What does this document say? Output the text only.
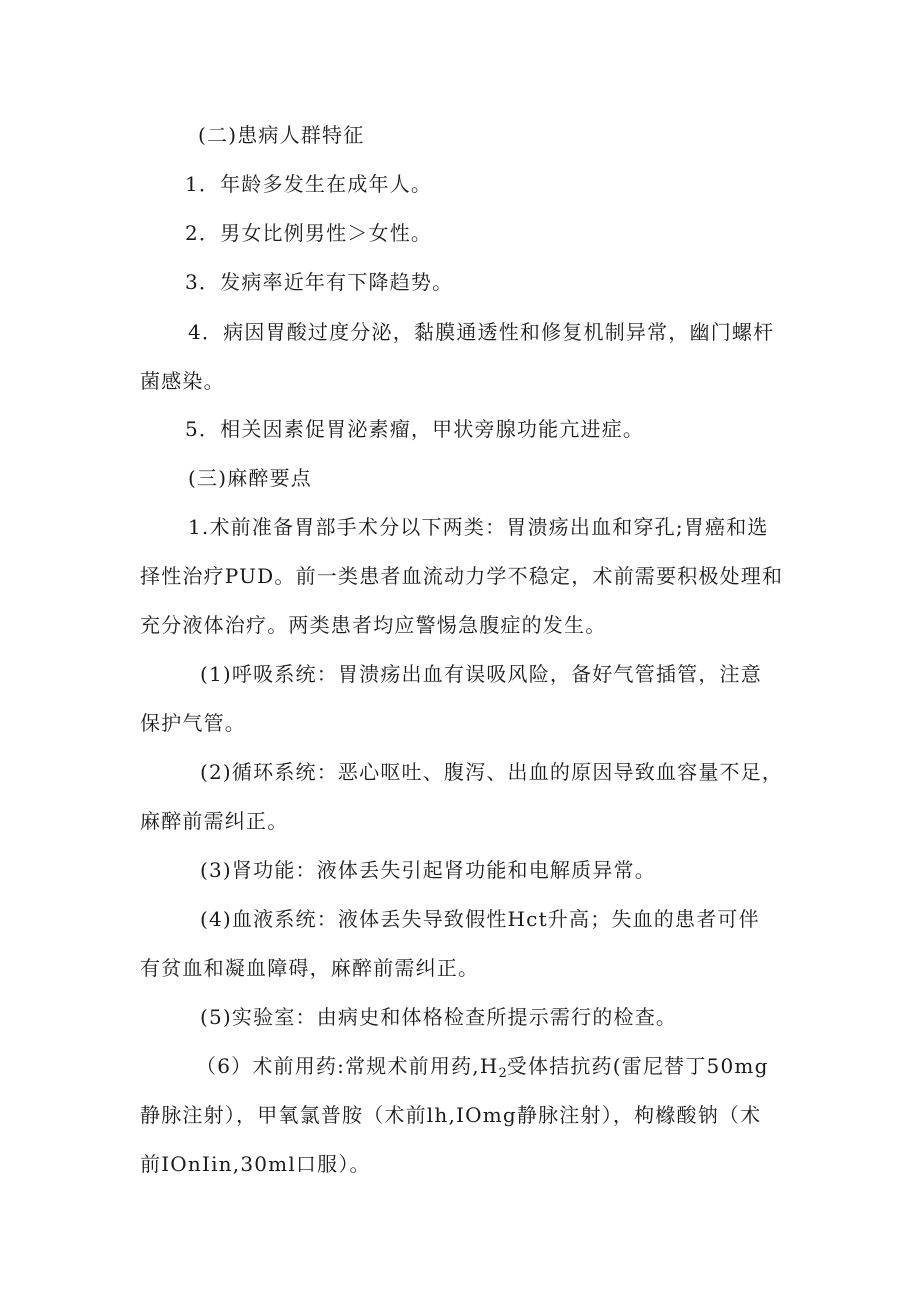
(二)患病人群特征
1．年龄多发生在成年人。
2．男女比例男性＞女性。
3．发病率近年有下降趋势。
4．病因胃酸过度分泌，黏膜通透性和修复机制异常，幽门螺杆
菌感染。
5．相关因素促胃泌素瘤，甲状旁腺功能亢进症。
(三)麻醉要点
1.术前准备胃部手术分以下两类：胃溃疡出血和穿孔;胃癌和选
择性治疗PUD。前一类患者血流动力学不稳定，术前需要积极处理和
充分液体治疗。两类患者均应警惕急腹症的发生。
(1)呼吸系统：胃溃疡出血有误吸风险，备好气管插管，注意
保护气管。
(2)循环系统：恶心呕吐、腹泻、出血的原因导致血容量不足，
麻醉前需纠正。
(3)肾功能：液体丢失引起肾功能和电解质异常。
(4)血液系统：液体丢失导致假性Hct升高；失血的患者可伴
有贫血和凝血障碍，麻醉前需纠正。
(5)实验室：由病史和体格检查所提示需行的检查。
（6）术前用药:常规术前用药$,H_2$受体拮抗药(雷尼替丁50mg
静脉注射），甲氧氯普胺（术前lh,IOmg静脉注射），枸橼酸钠（术
前IOnIin,30ml口服）。
